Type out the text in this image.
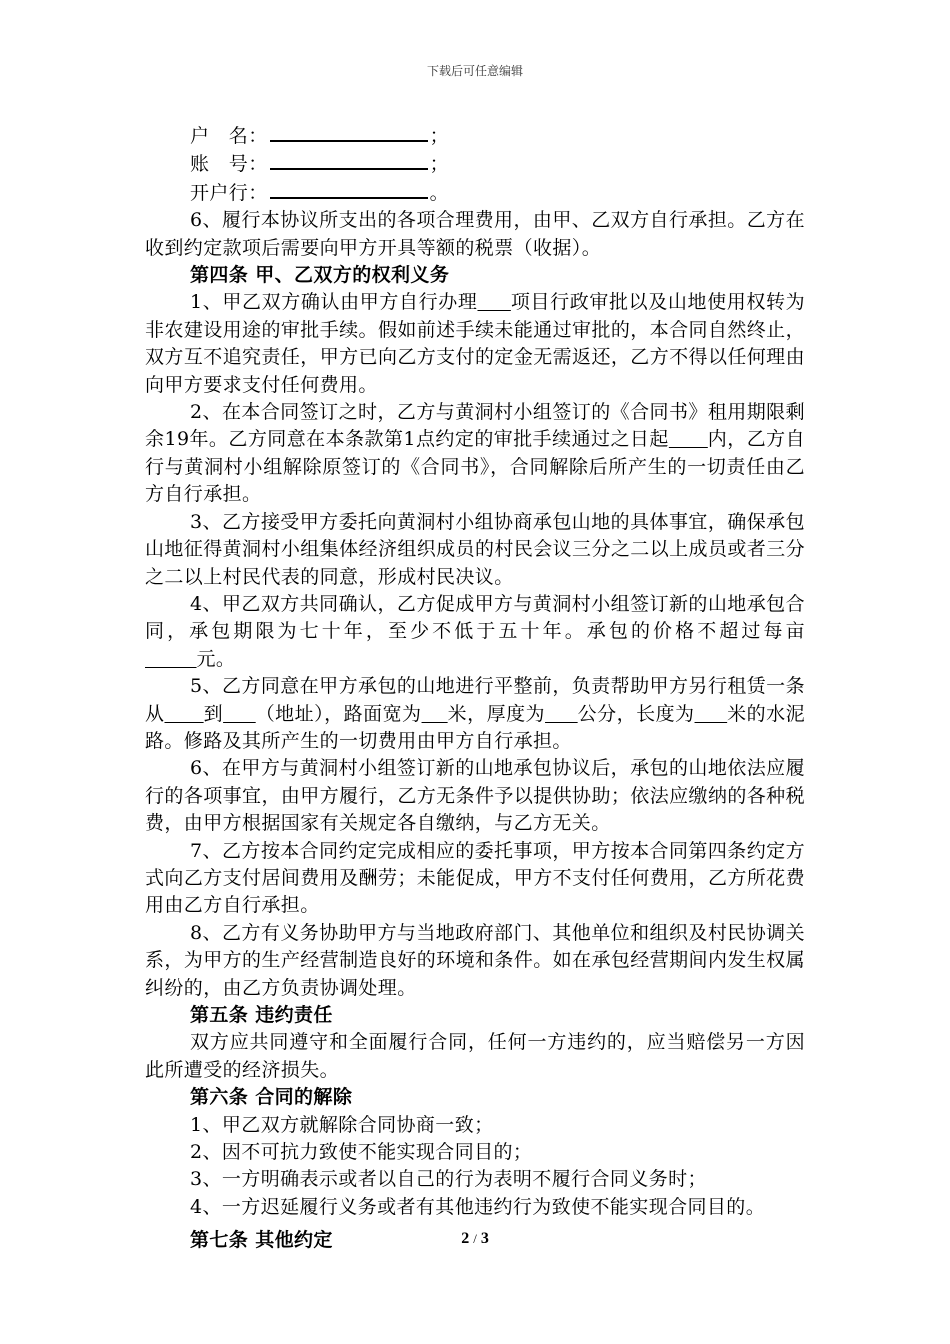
下载后可任意编辑

户　名：	；

账　号：	；

开户行：	。

6、履行本协议所支出的各项合理费用，由甲、乙双方自行承担。乙方在收到约定款项后需要向甲方开具等额的税票（收据）。

第四条 甲、乙双方的权利义务

1、甲乙双方确认由甲方自行办理 项目行政审批以及山地使用权转为非农建设用途的审批手续。假如前述手续未能通过审批的，本合同自然终止，双方互不追究责任，甲方已向乙方支付的定金无需返还，乙方不得以任何理由向甲方要求支付任何费用。

2、在本合同签订之时，乙方与黄洞村小组签订的《合同书》租用期限剩余19年。乙方同意在本条款第1点约定的审批手续通过之日起 内，乙方自行与黄洞村小组解除原签订的《合同书》，合同解除后所产生的一切责任由乙方自行承担。

3、乙方接受甲方委托向黄洞村小组协商承包山地的具体事宜，确保承包山地征得黄洞村小组集体经济组织成员的村民会议三分之二以上成员或者三分之二以上村民代表的同意，形成村民决议。

4、甲乙双方共同确认，乙方促成甲方与黄洞村小组签订新的山地承包合同，承包期限为七十年，至少不低于五十年。承包的价格不超过每亩        元。

5、乙方同意在甲方承包的山地进行平整前，负责帮助甲方另行租赁一条从 到 （地址），路面宽为 米，厚度为 公分，长度为 米的水泥路。修路及其所产生的一切费用由甲方自行承担。

6、在甲方与黄洞村小组签订新的山地承包协议后，承包的山地依法应履行的各项事宜，由甲方履行，乙方无条件予以提供协助；依法应缴纳的各种税费，由甲方根据国家有关规定各自缴纳，与乙方无关。

7、乙方按本合同约定完成相应的委托事项，甲方按本合同第四条约定方式向乙方支付居间费用及酬劳；未能促成，甲方不支付任何费用，乙方所花费用由乙方自行承担。

8、乙方有义务协助甲方与当地政府部门、其他单位和组织及村民协调关系，为甲方的生产经营制造良好的环境和条件。如在承包经营期间内发生权属纠纷的，由乙方负责协调处理。

第五条 违约责任

双方应共同遵守和全面履行合同，任何一方违约的，应当赔偿另一方因此所遭受的经济损失。

第六条 合同的解除

1、甲乙双方就解除合同协商一致；

2、因不可抗力致使不能实现合同目的；

3、一方明确表示或者以自己的行为表明不履行合同义务时；

4、一方迟延履行义务或者有其他违约行为致使不能实现合同目的。

第七条 其他约定	2 / 3
